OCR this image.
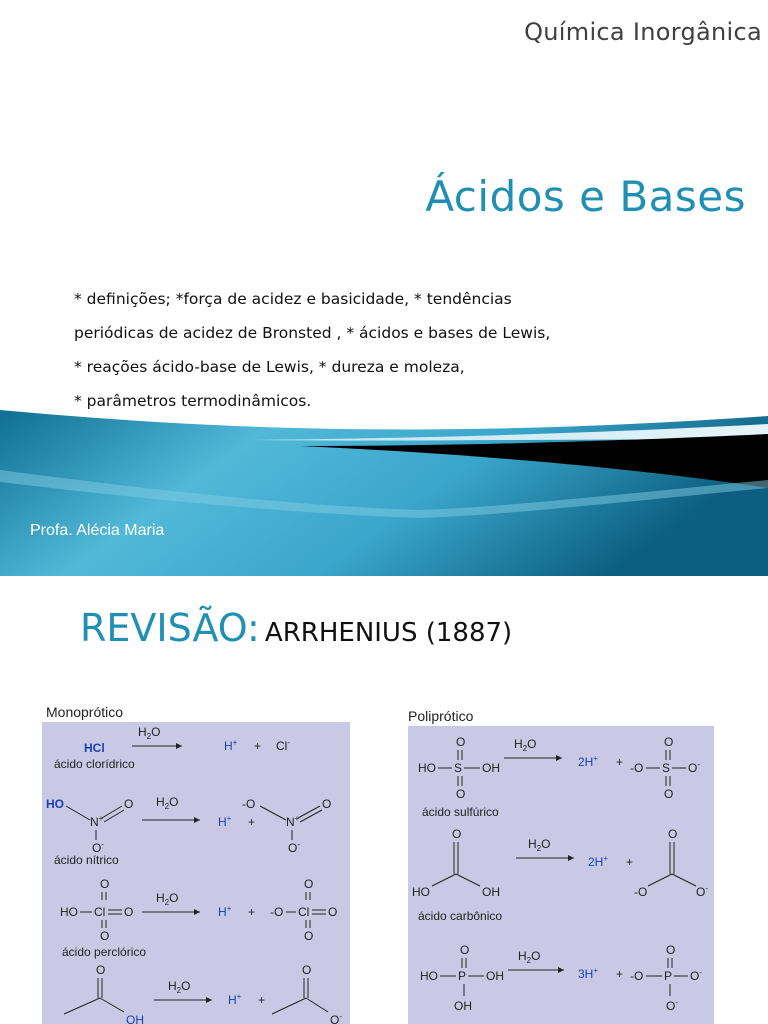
Química Inorgânica
Ácidos e Bases
* definições; *força de acidez e basicidade, * tendências
periódicas de acidez de Bronsted , * ácidos e bases de Lewis,
* reações ácido-base de Lewis, * dureza e moleza,
* parâmetros termodinâmicos.
Profa. Alécia Maria
REVISÃO: ARRHENIUS (1887)
Monoprótico
HCl
ácido clorídrico
$H_2O$
H+ + Cl-
HO
N+
O
O-
ácido nítrico
$H_2O$
H+ +
-O
N+
O
O-
O
HO Cl O
O
ácido perclórico
$H_2O$
H+ +
O
-O Cl O
O
O
OH
$H_2O$
H+ +
O
O-
Poliprótico
O
HO S OH
O
ácido sulfúrico
$H_2O$
2H+ +
O
-O S O-
O
O
HO	OH
ácido carbônico
$H_2O$
2H+ +
O
-O	O-
O
HO P OH
OH
$H_2O$
3H+ +
O
-O P O-
O-
